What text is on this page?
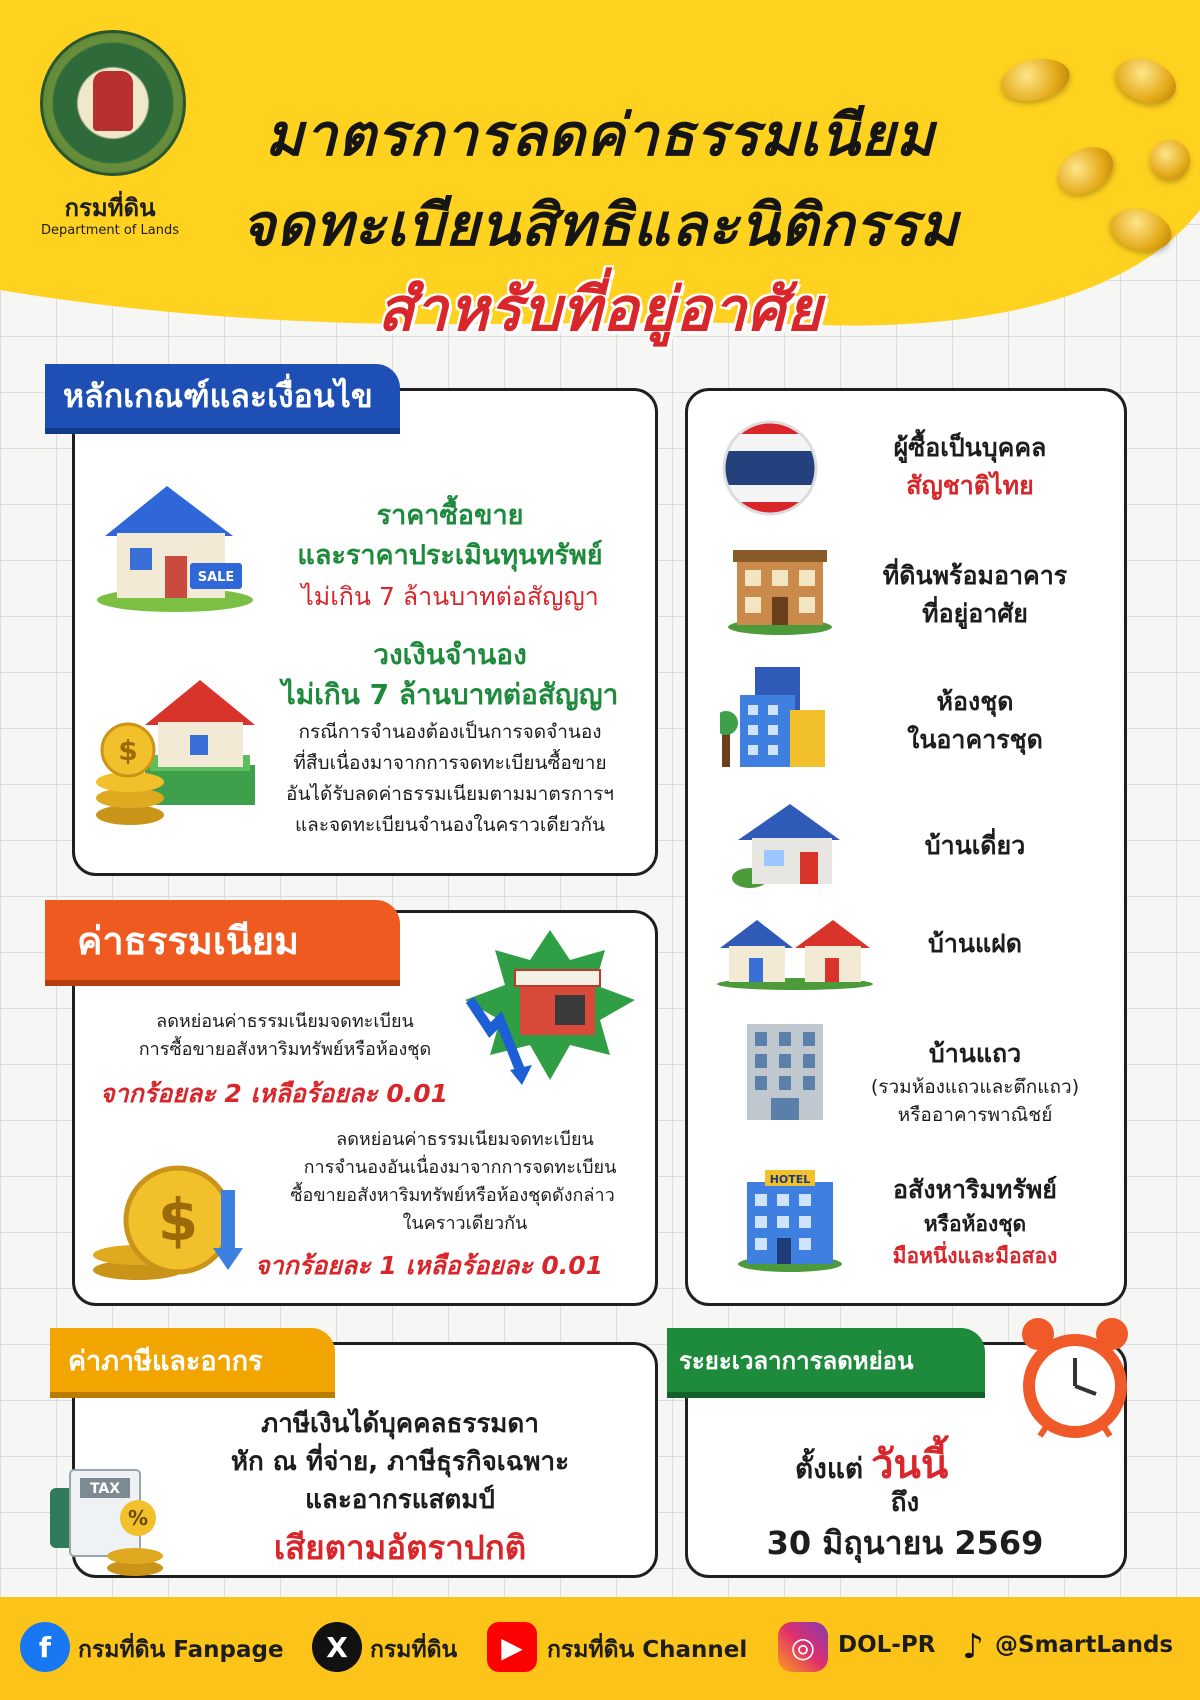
กรมที่ดิน
Department of Lands
มาตรการลดค่าธรรมเนียม
จดทะเบียนสิทธิและนิติกรรม
สำหรับที่อยู่อาศัย
หลักเกณฑ์และเงื่อนไข
SALE
ราคาซื้อขาย
และราคาประเมินทุนทรัพย์
ไม่เกิน 7 ล้านบาทต่อสัญญา
$
วงเงินจำนอง
ไม่เกิน 7 ล้านบาทต่อสัญญา
กรณีการจำนองต้องเป็นการจดจำนอง
ที่สืบเนื่องมาจากการจดทะเบียนซื้อขาย
อันได้รับลดค่าธรรมเนียมตามมาตรการฯ
และจดทะเบียนจำนองในคราวเดียวกัน
ค่าธรรมเนียม
ลดหย่อนค่าธรรมเนียมจดทะเบียน
การซื้อขายอสังหาริมทรัพย์หรือห้องชุด
จากร้อยละ 2 เหลือร้อยละ 0.01
ลดหย่อนค่าธรรมเนียมจดทะเบียน
การจำนองอันเนื่องมาจากการจดทะเบียน
ซื้อขายอสังหาริมทรัพย์หรือห้องชุดดังกล่าว
ในคราวเดียวกัน
จากร้อยละ 1 เหลือร้อยละ 0.01
$
ผู้ซื้อเป็นบุคคล
สัญชาติไทย
ที่ดินพร้อมอาคาร
ที่อยู่อาศัย
ห้องชุด
ในอาคารชุด
บ้านเดี่ยว
บ้านแฝด
บ้านแถว
(รวมห้องแถวและตึกแถว)
หรืออาคารพาณิชย์
HOTEL	อสังหาริมทรัพย์
หรือห้องชุด
มือหนึ่งและมือสอง
ค่าภาษีและอากร
TAX
%
ภาษีเงินได้บุคคลธรรมดา
หัก ณ ที่จ่าย, ภาษีธุรกิจเฉพาะ
และอากรแสตมป์
เสียตามอัตราปกติ
ระยะเวลาการลดหย่อน
ตั้งแต่ วันนี้
ถึง
30 มิถุนายน 2569
f	กรมที่ดิน Fanpage	X กรมที่ดิน	▶	กรมที่ดิน Channel	◎ DOL-PR ♪ @SmartLands
